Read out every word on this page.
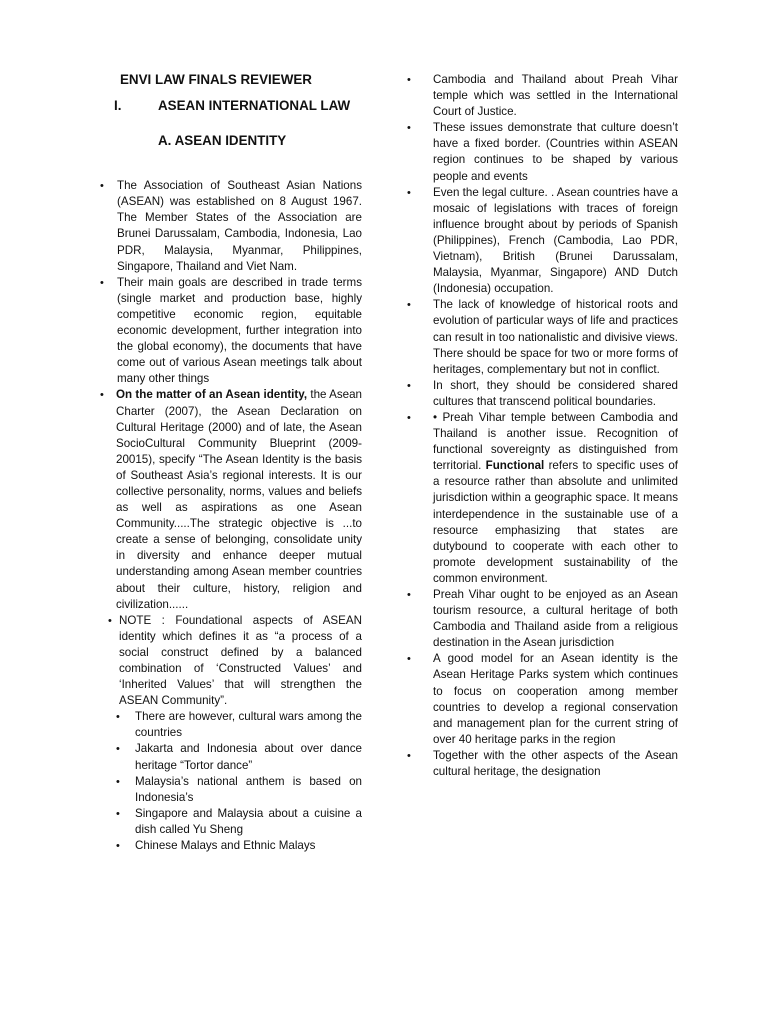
ENVI LAW FINALS REVIEWER
I.	ASEAN INTERNATIONAL LAW
A. ASEAN IDENTITY
• The Association of Southeast Asian Nations (ASEAN) was established on 8 August 1967. The Member States of the Association are Brunei Darussalam, Cambodia, Indonesia, Lao PDR, Malaysia, Myanmar, Philippines, Singapore, Thailand and Viet Nam.
• Their main goals are described in trade terms (single market and production base, highly competitive economic region, equitable economic development, further integration into the global economy), the documents that have come out of various Asean meetings talk about many other things
• On the matter of an Asean identity, the Asean Charter (2007), the Asean Declaration on Cultural Heritage (2000) and of late, the Asean SocioCultural Community Blueprint (2009-20015), specify “The Asean Identity is the basis of Southeast Asia’s regional interests. It is our collective personality, norms, values and beliefs as well as aspirations as one Asean Community.....The strategic objective is ...to create a sense of belonging, consolidate unity in diversity and enhance deeper mutual understanding among Asean member countries about their culture, history, religion and civilization......
• NOTE : Foundational aspects of ASEAN identity which defines it as “a process of a social construct defined by a balanced combination of ‘Constructed Values’ and ‘Inherited Values’ that will strengthen the ASEAN Community”.
• There are however, cultural wars among the countries
• Jakarta and Indonesia about over dance heritage “Tortor dance”
• Malaysia’s national anthem is based on Indonesia’s
• Singapore and Malaysia about a cuisine a dish called Yu Sheng
• Chinese Malays and Ethnic Malays
• Cambodia and Thailand about Preah Vihar temple which was settled in the International Court of Justice.
• These issues demonstrate that culture doesn’t have a fixed border. (Countries within ASEAN region continues to be shaped by various people and events
• Even the legal culture. . Asean countries have a mosaic of legislations with traces of foreign influence brought about by periods of Spanish (Philippines), French (Cambodia, Lao PDR, Vietnam), British (Brunei Darussalam, Malaysia, Myanmar, Singapore) AND Dutch (Indonesia) occupation.
• The lack of knowledge of historical roots and evolution of particular ways of life and practices can result in too nationalistic and divisive views. There should be space for two or more forms of heritages, complementary but not in conflict.
• In short, they should be considered shared cultures that transcend political boundaries.
• • Preah Vihar temple between Cambodia and Thailand is another issue. Recognition of functional sovereignty as distinguished from territorial. Functional refers to specific uses of a resource rather than absolute and unlimited jurisdiction within a geographic space. It means interdependence in the sustainable use of a resource emphasizing that states are dutybound to cooperate with each other to promote development sustainability of the common environment.
• Preah Vihar ought to be enjoyed as an Asean tourism resource, a cultural heritage of both Cambodia and Thailand aside from a religious destination in the Asean jurisdiction
• A good model for an Asean identity is the Asean Heritage Parks system which continues to focus on cooperation among member countries to develop a regional conservation and management plan for the current string of over 40 heritage parks in the region
• Together with the other aspects of the Asean cultural heritage, the designation
